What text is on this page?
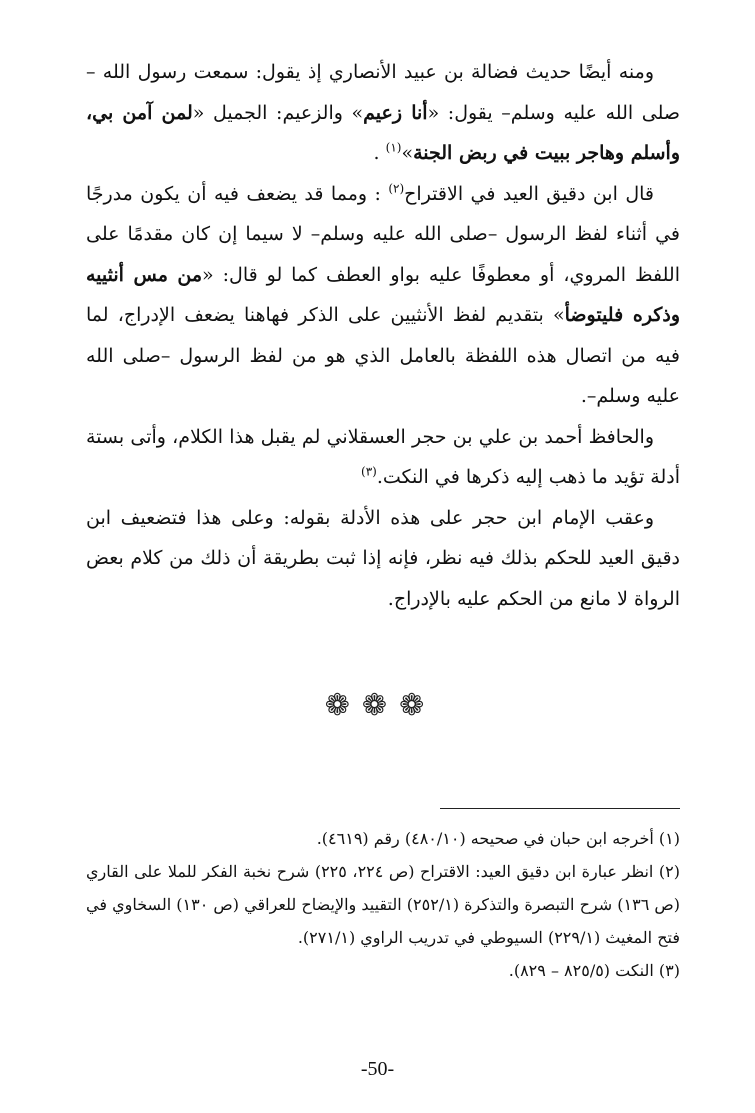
ومنه أيضًا حديث فضالة بن عبيد الأنصاري إذ يقول: سمعت رسول الله –صلى الله عليه وسلم– يقول: «أنا زعيم» والزعيم: الجميل «لمن آمن بي، وأسلم وهاجر ببيت في ربض الجنة»$^{(١)}$ .

قال ابن دقيق العيد في الاقتراح$^{(٢)}$ : ومما قد يضعف فيه أن يكون مدرجًا في أثناء لفظ الرسول –صلى الله عليه وسلم– لا سيما إن كان مقدمًا على اللفظ المروي، أو معطوفًا عليه بواو العطف كما لو قال: «من مس أنثييه وذكره فليتوضأ» بتقديم لفظ الأنثيين على الذكر فهاهنا يضعف الإدراج، لما فيه من اتصال هذه اللفظة بالعامل الذي هو من لفظ الرسول –صلى الله عليه وسلم–.

والحافظ أحمد بن علي بن حجر العسقلاني لم يقبل هذا الكلام، وأتى بستة أدلة تؤيد ما ذهب إليه ذكرها في النكت.$^{(٣)}$

وعقب الإمام ابن حجر على هذه الأدلة بقوله: وعلى هذا فتضعيف ابن دقيق العيد للحكم بذلك فيه نظر، فإنه إذا ثبت بطريقة أن ذلك من كلام بعض الرواة لا مانع من الحكم عليه بالإدراج.

❁❁❁

(١) أخرجه ابن حبان في صحيحه (٤٨٠/١٠) رقم (٤٦١٩).

(٢) انظر عبارة ابن دقيق العيد: الاقتراح (ص ٢٢٤، ٢٢٥) شرح نخبة الفكر للملا على القاري (ص ١٣٦) شرح التبصرة والتذكرة (٢٥٢/١) التقييد والإيضاح للعراقي (ص ١٣٠) السخاوي في فتح المغيث (٢٢٩/١) السيوطي في تدريب الراوي (٢٧١/١).

(٣) النكت (٨٢٥/٥ – ٨٢٩).

-50-
